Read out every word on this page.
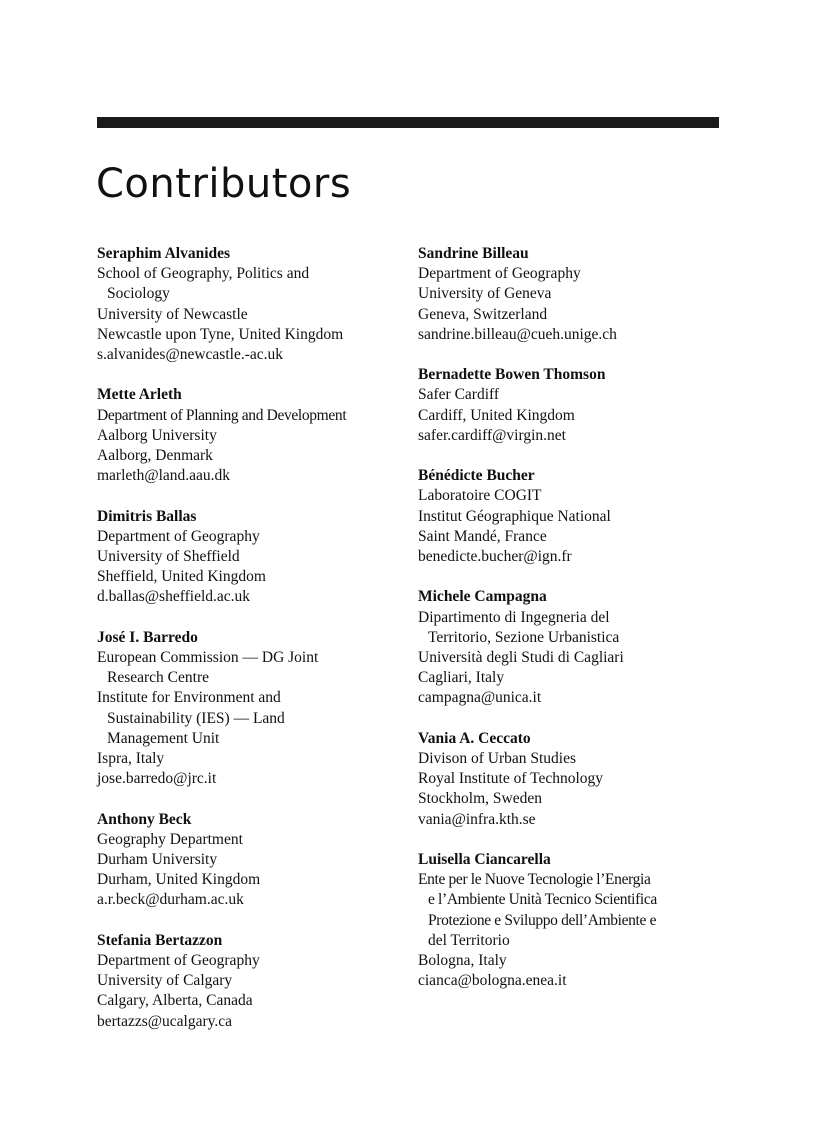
Contributors
Seraphim Alvanides
School of Geography, Politics and
Sociology
University of Newcastle
Newcastle upon Tyne, United Kingdom
s.alvanides@newcastle.-ac.uk
Mette Arleth
Department of Planning and Development
Aalborg University
Aalborg, Denmark
marleth@land.aau.dk
Dimitris Ballas
Department of Geography
University of Sheffield
Sheffield, United Kingdom
d.ballas@sheffield.ac.uk
José I. Barredo
European Commission — DG Joint
Research Centre
Institute for Environment and
Sustainability (IES) — Land
Management Unit
Ispra, Italy
jose.barredo@jrc.it
Anthony Beck
Geography Department
Durham University
Durham, United Kingdom
a.r.beck@durham.ac.uk
Stefania Bertazzon
Department of Geography
University of Calgary
Calgary, Alberta, Canada
bertazzs@ucalgary.ca
Sandrine Billeau
Department of Geography
University of Geneva
Geneva, Switzerland
sandrine.billeau@cueh.unige.ch
Bernadette Bowen Thomson
Safer Cardiff
Cardiff, United Kingdom
safer.cardiff@virgin.net
Bénédicte Bucher
Laboratoire COGIT
Institut Géographique National
Saint Mandé, France
benedicte.bucher@ign.fr
Michele Campagna
Dipartimento di Ingegneria del
Territorio, Sezione Urbanistica
Università degli Studi di Cagliari
Cagliari, Italy
campagna@unica.it
Vania A. Ceccato
Divison of Urban Studies
Royal Institute of Technology
Stockholm, Sweden
vania@infra.kth.se
Luisella Ciancarella
Ente per le Nuove Tecnologie l’Energia
e l’Ambiente Unità Tecnico Scientifica
Protezione e Sviluppo dell’Ambiente e
del Territorio
Bologna, Italy
cianca@bologna.enea.it
